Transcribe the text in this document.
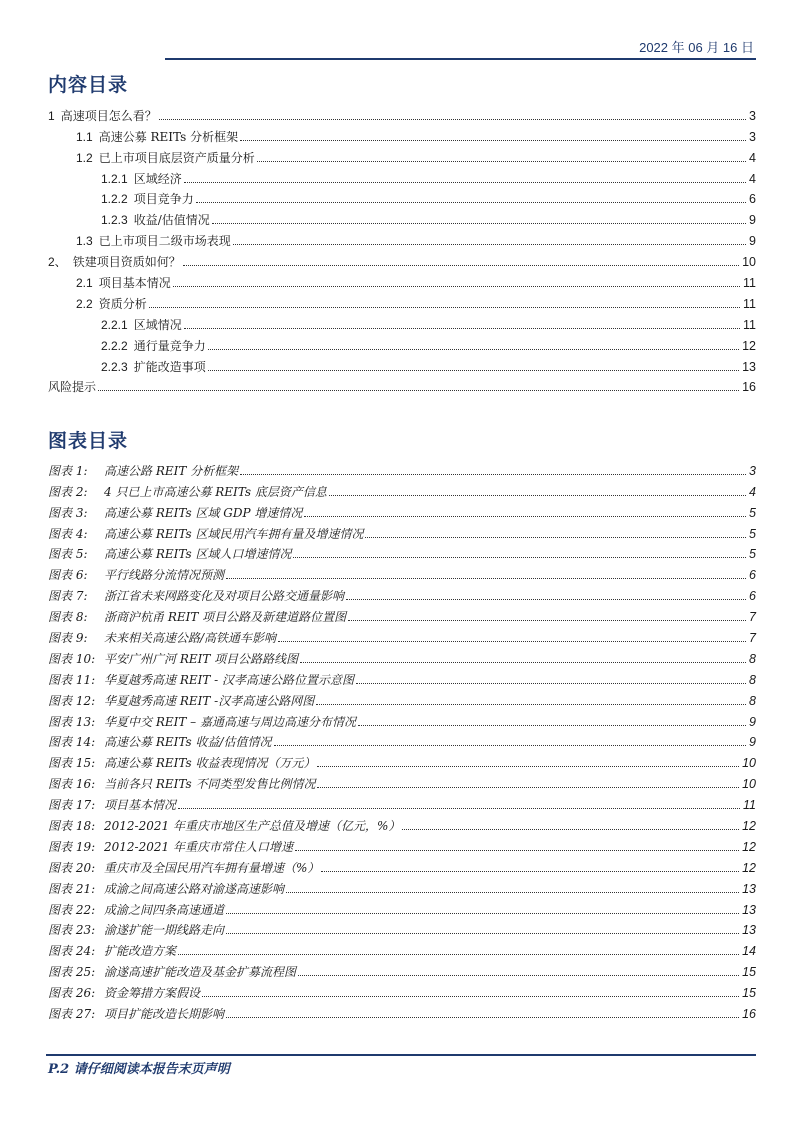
2022 年 06 月 16 日
内容目录
1 高速项目怎么看？	3
1.1 高速公募 REITs 分析框架	3
1.2 已上市项目底层资产质量分析	4
1.2.1 区域经济	4
1.2.2 项目竞争力	6
1.2.3 收益/估值情况	9
1.3 已上市项目二级市场表现	9
2、 铁建项目资质如何？	10
2.1 项目基本情况	11
2.2 资质分析	11
2.2.1 区域情况	11
2.2.2 通行量竞争力	12
2.2.3 扩能改造事项	13
风险提示	16
图表目录
图表 1: 高速公路 REIT 分析框架	3
图表 2: 4 只已上市高速公募 REITs 底层资产信息	4
图表 3: 高速公募 REITs 区域 GDP 增速情况	5
图表 4: 高速公募 REITs 区域民用汽车拥有量及增速情况	5
图表 5: 高速公募 REITs 区域人口增速情况	5
图表 6: 平行线路分流情况预测	6
图表 7: 浙江省未来网路变化及对项目公路交通量影响	6
图表 8: 浙商沪杭甬 REIT 项目公路及新建道路位置图	7
图表 9: 未来相关高速公路/高铁通车影响	7
图表 10: 平安广州广河 REIT 项目公路路线图	8
图表 11: 华夏越秀高速 REIT - 汉孝高速公路位置示意图	8
图表 12: 华夏越秀高速 REIT -汉孝高速公路网图	8
图表 13: 华夏中交 REIT – 嘉通高速与周边高速分布情况	9
图表 14: 高速公募 REITs 收益/估值情况	9
图表 15: 高速公募 REITs 收益表现情况（万元）	10
图表 16: 当前各只 REITs 不同类型发售比例情况	10
图表 17: 项目基本情况	11
图表 18: 2012-2021 年重庆市地区生产总值及增速（亿元，%）	12
图表 19: 2012-2021 年重庆市常住人口增速	12
图表 20: 重庆市及全国民用汽车拥有量增速（%）	12
图表 21: 成渝之间高速公路对渝遂高速影响	13
图表 22: 成渝之间四条高速通道	13
图表 23: 渝遂扩能一期线路走向	13
图表 24: 扩能改造方案	14
图表 25: 渝遂高速扩能改造及基金扩募流程图	15
图表 26: 资金筹措方案假设	15
图表 27: 项目扩能改造长期影响	16
P.2 请仔细阅读本报告末页声明
